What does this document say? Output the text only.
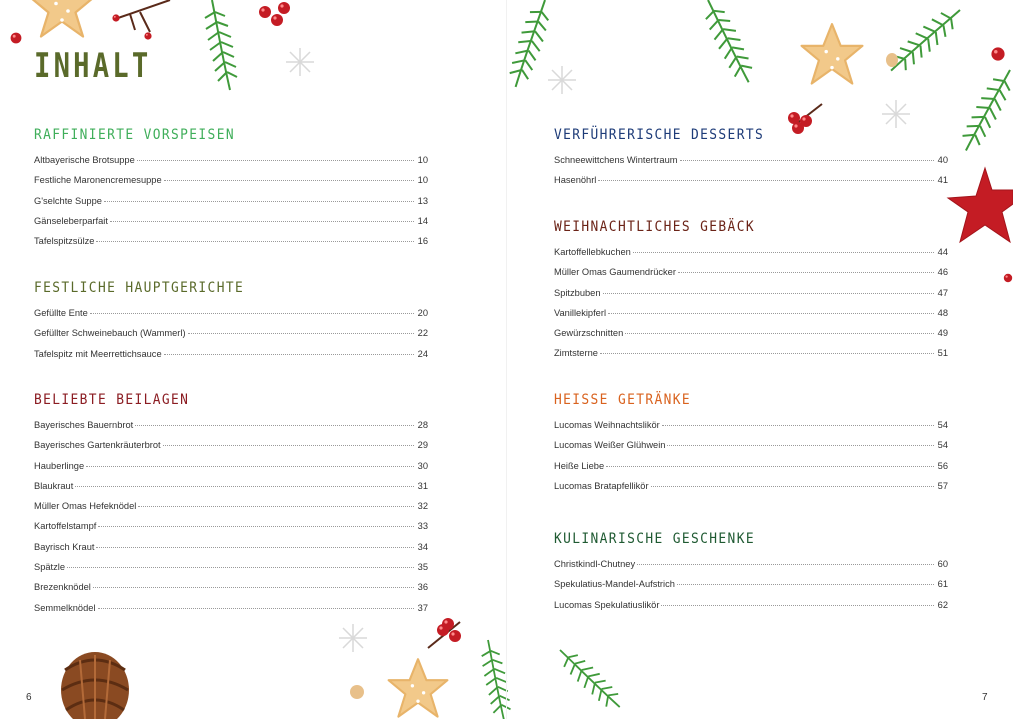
INHALT
RAFFINIERTE VORSPEISEN
Altbayerische Brotsuppe	10
Festliche Maronencremesuppe	10
G'selchte Suppe	13
Gänseleberparfait	14
Tafelspitzsülze	16
FESTLICHE HAUPTGERICHTE
Gefüllte Ente	20
Gefüllter Schweinebauch (Wammerl)	22
Tafelspitz mit Meerrettichsauce	24
BELIEBTE BEILAGEN
Bayerisches Bauernbrot	28
Bayerisches Gartenkräuterbrot	29
Hauberlinge	30
Blaukraut	31
Müller Omas Hefeknödel	32
Kartoffelstampf	33
Bayrisch Kraut	34
Spätzle	35
Brezenknödel	36
Semmelknödel	37
6
VERFÜHRERISCHE DESSERTS
Schneewittchens Wintertraum	40
Hasenöhrl	41
WEIHNACHTLICHES GEBÄCK
Kartoffellebkuchen	44
Müller Omas Gaumendrücker	46
Spitzbuben	47
Vanillekipferl	48
Gewürzschnitten	49
Zimtsterne	51
HEISSE GETRÄNKE
Lucomas Weihnachtslikör	54
Lucomas Weißer Glühwein	54
Heiße Liebe	56
Lucomas Bratapfellikör	57
KULINARISCHE GESCHENKE
Christkindl-Chutney	60
Spekulatius-Mandel-Aufstrich	61
Lucomas Spekulatiuslikör	62
7
